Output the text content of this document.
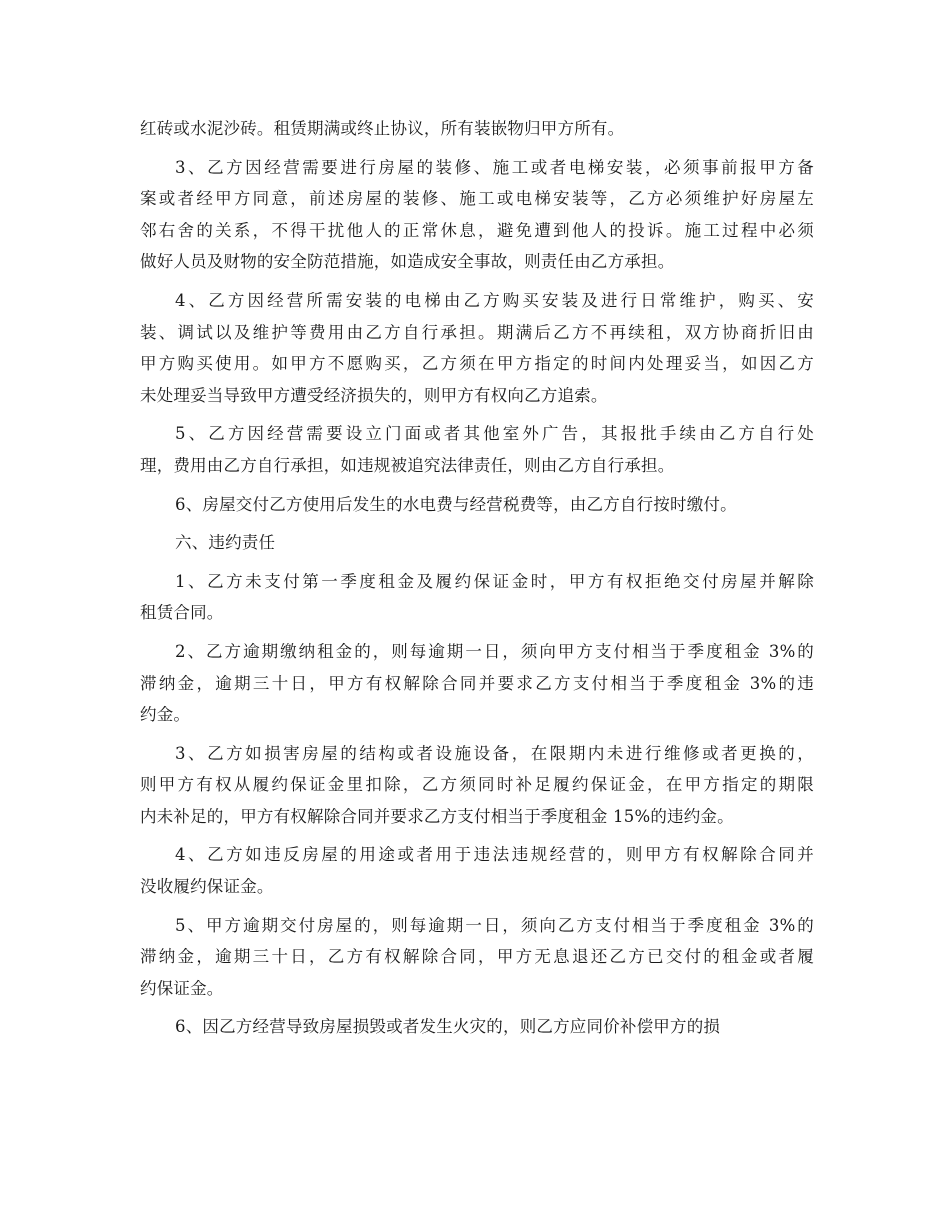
红砖或水泥沙砖。租赁期满或终止协议，所有装嵌物归甲方所有。
3、乙方因经营需要进行房屋的装修、施工或者电梯安装，必须事前报甲方备
案或者经甲方同意，前述房屋的装修、施工或电梯安装等，乙方必须维护好房屋左
邻右舍的关系，不得干扰他人的正常休息，避免遭到他人的投诉。施工过程中必须
做好人员及财物的安全防范措施，如造成安全事故，则责任由乙方承担。
4、乙方因经营所需安装的电梯由乙方购买安装及进行日常维护，购买、安
装、调试以及维护等费用由乙方自行承担。期满后乙方不再续租，双方协商折旧由
甲方购买使用。如甲方不愿购买，乙方须在甲方指定的时间内处理妥当，如因乙方
未处理妥当导致甲方遭受经济损失的，则甲方有权向乙方追索。
5、乙方因经营需要设立门面或者其他室外广告，其报批手续由乙方自行处
理，费用由乙方自行承担，如违规被追究法律责任，则由乙方自行承担。
6、房屋交付乙方使用后发生的水电费与经营税费等，由乙方自行按时缴付。
六、违约责任
1、乙方未支付第一季度租金及履约保证金时，甲方有权拒绝交付房屋并解除
租赁合同。
2、乙方逾期缴纳租金的，则每逾期一日，须向甲方支付相当于季度租金 3%的
滞纳金，逾期三十日，甲方有权解除合同并要求乙方支付相当于季度租金 3%的违
约金。
3、乙方如损害房屋的结构或者设施设备，在限期内未进行维修或者更换的，
则甲方有权从履约保证金里扣除，乙方须同时补足履约保证金，在甲方指定的期限
内未补足的，甲方有权解除合同并要求乙方支付相当于季度租金 15%的违约金。
4、乙方如违反房屋的用途或者用于违法违规经营的，则甲方有权解除合同并
没收履约保证金。
5、甲方逾期交付房屋的，则每逾期一日，须向乙方支付相当于季度租金 3%的
滞纳金，逾期三十日，乙方有权解除合同，甲方无息退还乙方已交付的租金或者履
约保证金。
6、因乙方经营导致房屋损毁或者发生火灾的，则乙方应同价补偿甲方的损
